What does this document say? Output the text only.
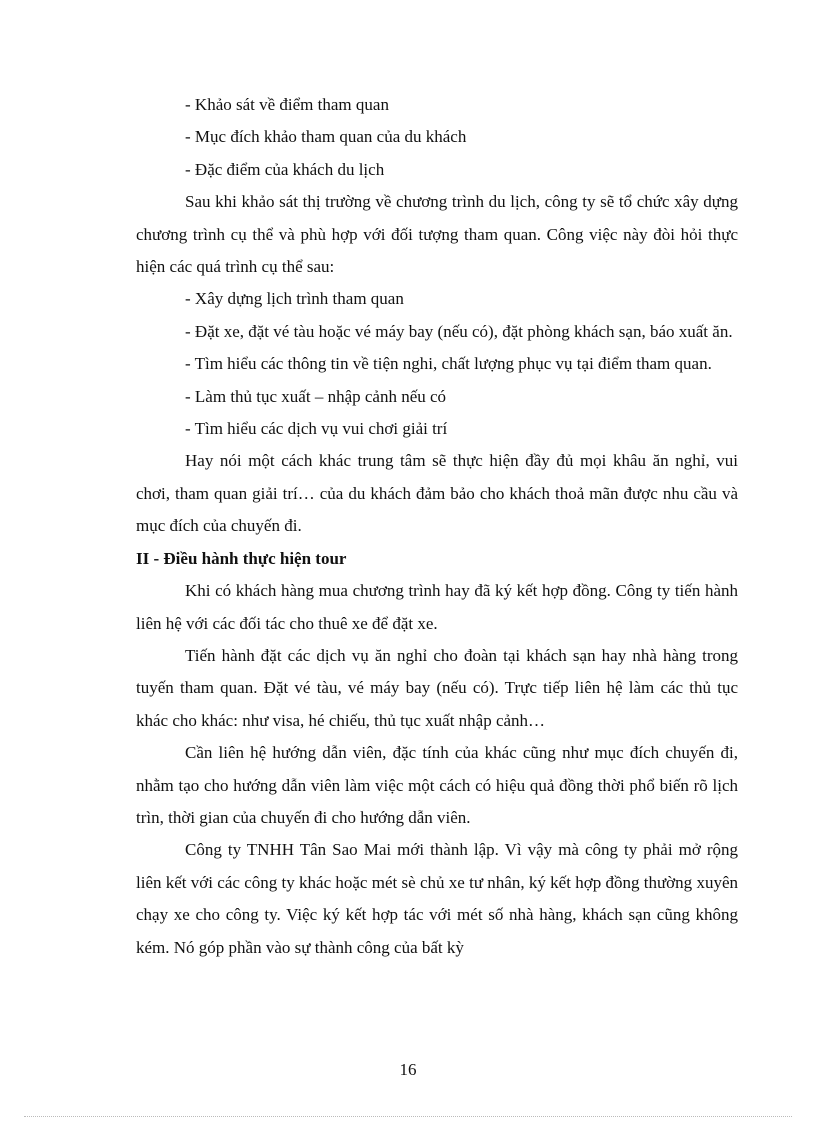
- Khảo sát về điểm tham quan

- Mục đích khảo tham quan của du khách

- Đặc điểm của khách du lịch

Sau khi khảo sát thị trường về chương trình du lịch, công ty sẽ tổ chức xây dựng chương trình cụ thể và phù hợp với đối tượng tham quan. Công việc này đòi hỏi thực hiện các quá trình cụ thể sau:

- Xây dựng lịch trình tham quan

- Đặt xe, đặt vé tàu hoặc vé máy bay (nếu có), đặt phòng khách sạn, báo xuất ăn.

- Tìm hiểu các thông tin về tiện nghi, chất lượng phục vụ tại điểm tham quan.

- Làm thủ tục xuất – nhập cảnh nếu có

- Tìm hiểu các dịch vụ vui chơi giải trí

Hay nói một cách khác trung tâm sẽ thực hiện đầy đủ mọi khâu ăn nghỉ, vui chơi, tham quan giải trí… của du khách đảm bảo cho khách thoả mãn được nhu cầu và mục đích của chuyến đi.

II - Điều hành thực hiện tour

Khi có khách hàng mua chương trình hay đã ký kết hợp đồng. Công ty tiến hành liên hệ với các đối tác cho thuê xe để đặt xe.

Tiến hành đặt các dịch vụ ăn nghỉ cho đoàn tại khách sạn hay nhà hàng trong tuyến tham quan. Đặt vé tàu, vé máy bay (nếu có). Trực tiếp liên hệ làm các thủ tục khác cho khác: như visa, hé chiếu, thủ tục xuất nhập cảnh…

Cần liên hệ hướng dẫn viên, đặc tính của khác cũng như mục đích chuyến đi, nhằm tạo cho hướng dẫn viên làm việc một cách có hiệu quả đồng thời phổ biến rõ lịch trìn, thời gian của chuyến đi cho hướng dẫn viên.

Công ty TNHH Tân Sao Mai mới thành lập. Vì vậy mà công ty phải mở rộng liên kết với các công ty khác hoặc mét sè chủ xe tư nhân, ký kết hợp đồng thường xuyên chạy xe cho công ty. Việc ký kết hợp tác với mét số nhà hàng, khách sạn cũng không kém. Nó góp phần vào sự thành công của bất kỳ

16
